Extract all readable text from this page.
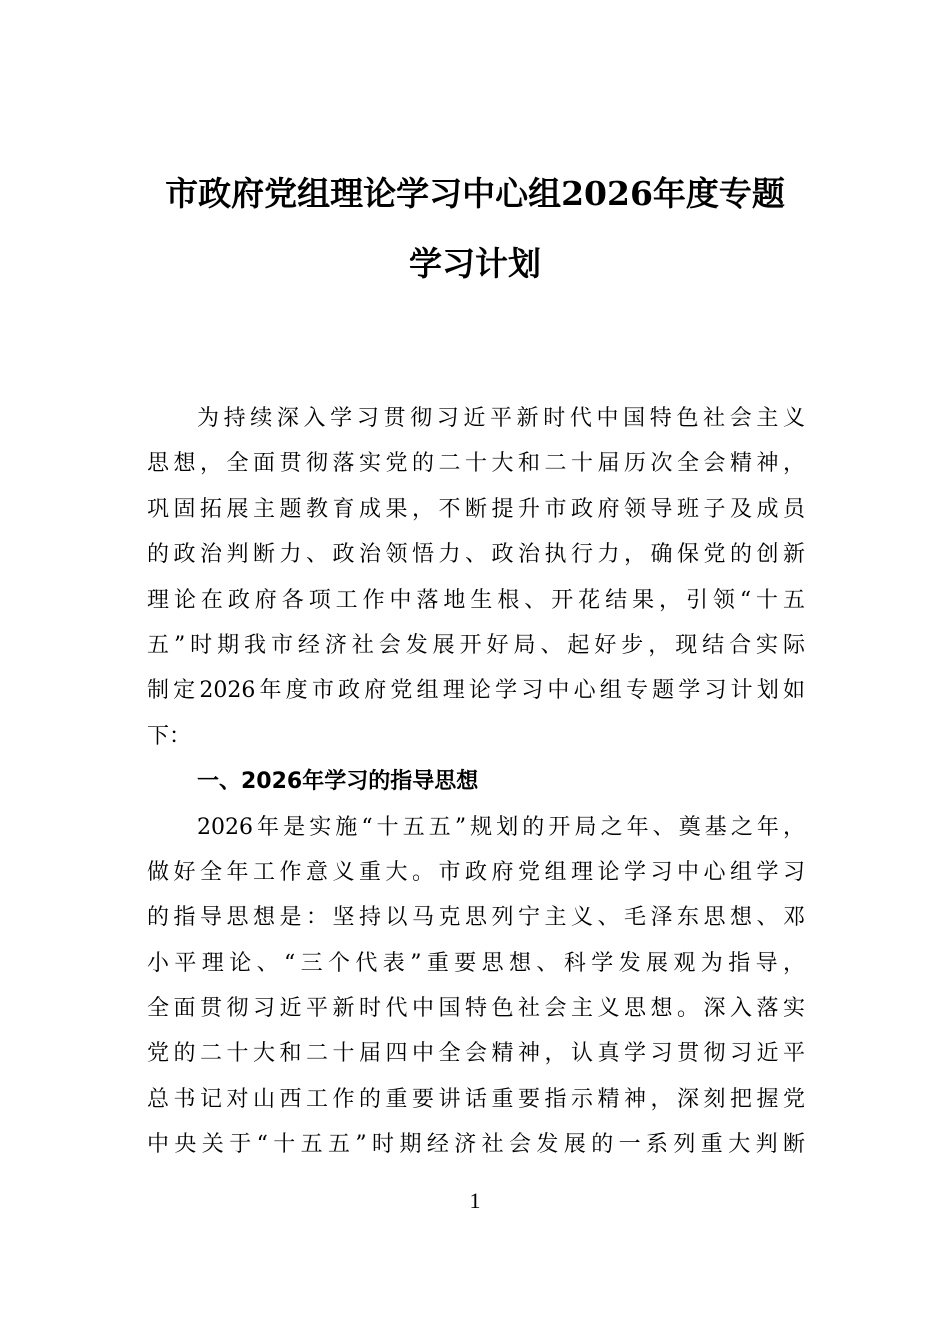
市政府党组理论学习中心组2026年度专题
学习计划
为持续深入学习贯彻习近平新时代中国特色社会主义
思想，全面贯彻落实党的二十大和二十届历次全会精神，
巩固拓展主题教育成果，不断提升市政府领导班子及成员
的政治判断力、政治领悟力、政治执行力，确保党的创新
理论在政府各项工作中落地生根、开花结果，引领“十五
五”时期我市经济社会发展开好局、起好步，现结合实际
制定2026年度市政府党组理论学习中心组专题学习计划如
下：
一、2026年学习的指导思想
2026年是实施“十五五”规划的开局之年、奠基之年，
做好全年工作意义重大。市政府党组理论学习中心组学习
的指导思想是：坚持以马克思列宁主义、毛泽东思想、邓
小平理论、“三个代表”重要思想、科学发展观为指导，
全面贯彻习近平新时代中国特色社会主义思想。深入落实
党的二十大和二十届四中全会精神，认真学习贯彻习近平
总书记对山西工作的重要讲话重要指示精神，深刻把握党
中央关于“十五五”时期经济社会发展的一系列重大判断
1
